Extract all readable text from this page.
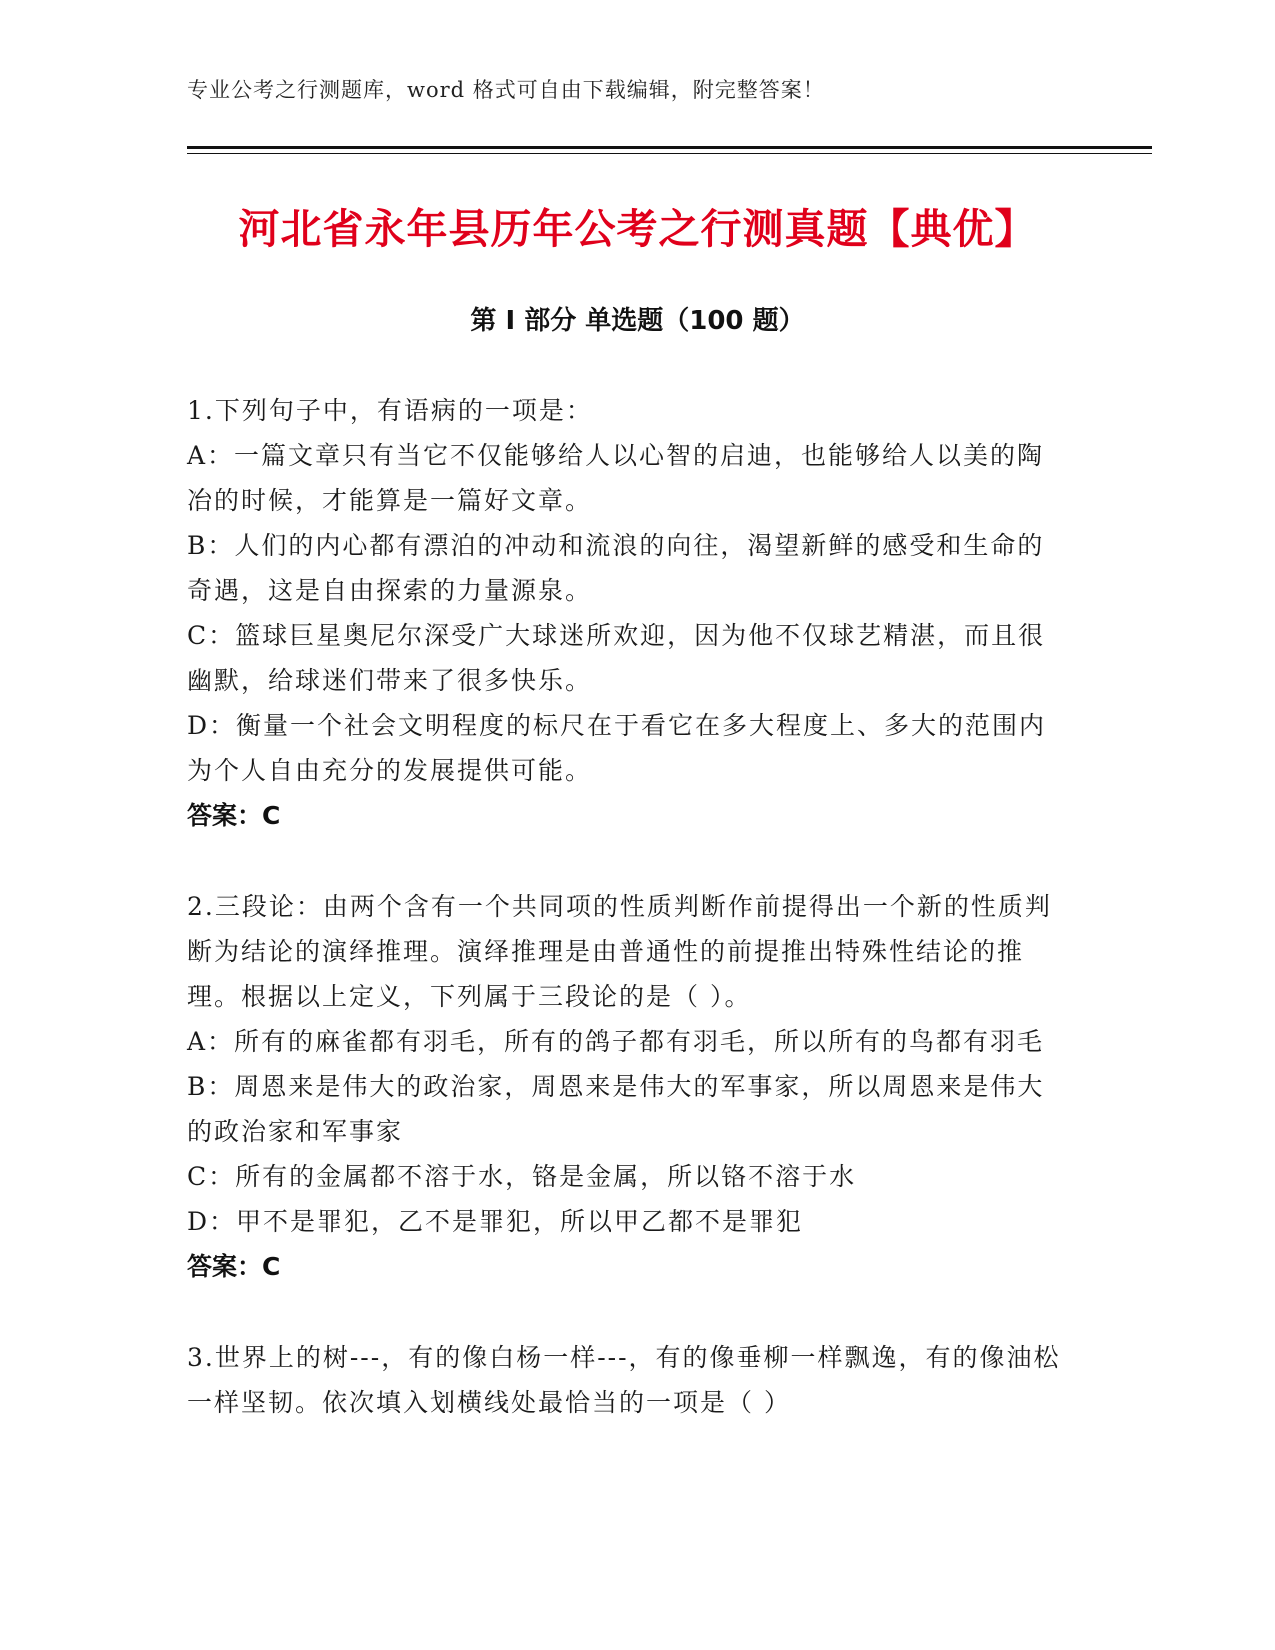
专业公考之行测题库，word 格式可自由下载编辑，附完整答案！
河北省永年县历年公考之行测真题【典优】
第 I 部分 单选题（100 题）
1.下列句子中，有语病的一项是：
A：一篇文章只有当它不仅能够给人以心智的启迪，也能够给人以美的陶冶的时候，才能算是一篇好文章。
B：人们的内心都有漂泊的冲动和流浪的向往，渴望新鲜的感受和生命的奇遇，这是自由探索的力量源泉。
C：篮球巨星奥尼尔深受广大球迷所欢迎，因为他不仅球艺精湛，而且很幽默，给球迷们带来了很多快乐。
D：衡量一个社会文明程度的标尺在于看它在多大程度上、多大的范围内为个人自由充分的发展提供可能。
答案：C
2.三段论：由两个含有一个共同项的性质判断作前提得出一个新的性质判断为结论的演绎推理。演绎推理是由普通性的前提推出特殊性结论的推理。根据以上定义，下列属于三段论的是（ ）。
A：所有的麻雀都有羽毛，所有的鸽子都有羽毛，所以所有的鸟都有羽毛
B：周恩来是伟大的政治家，周恩来是伟大的军事家，所以周恩来是伟大的政治家和军事家
C：所有的金属都不溶于水，铬是金属，所以铬不溶于水
D：甲不是罪犯，乙不是罪犯，所以甲乙都不是罪犯
答案：C
3.世界上的树---，有的像白杨一样---，有的像垂柳一样飘逸，有的像油松一样坚韧。依次填入划横线处最恰当的一项是（ ）
